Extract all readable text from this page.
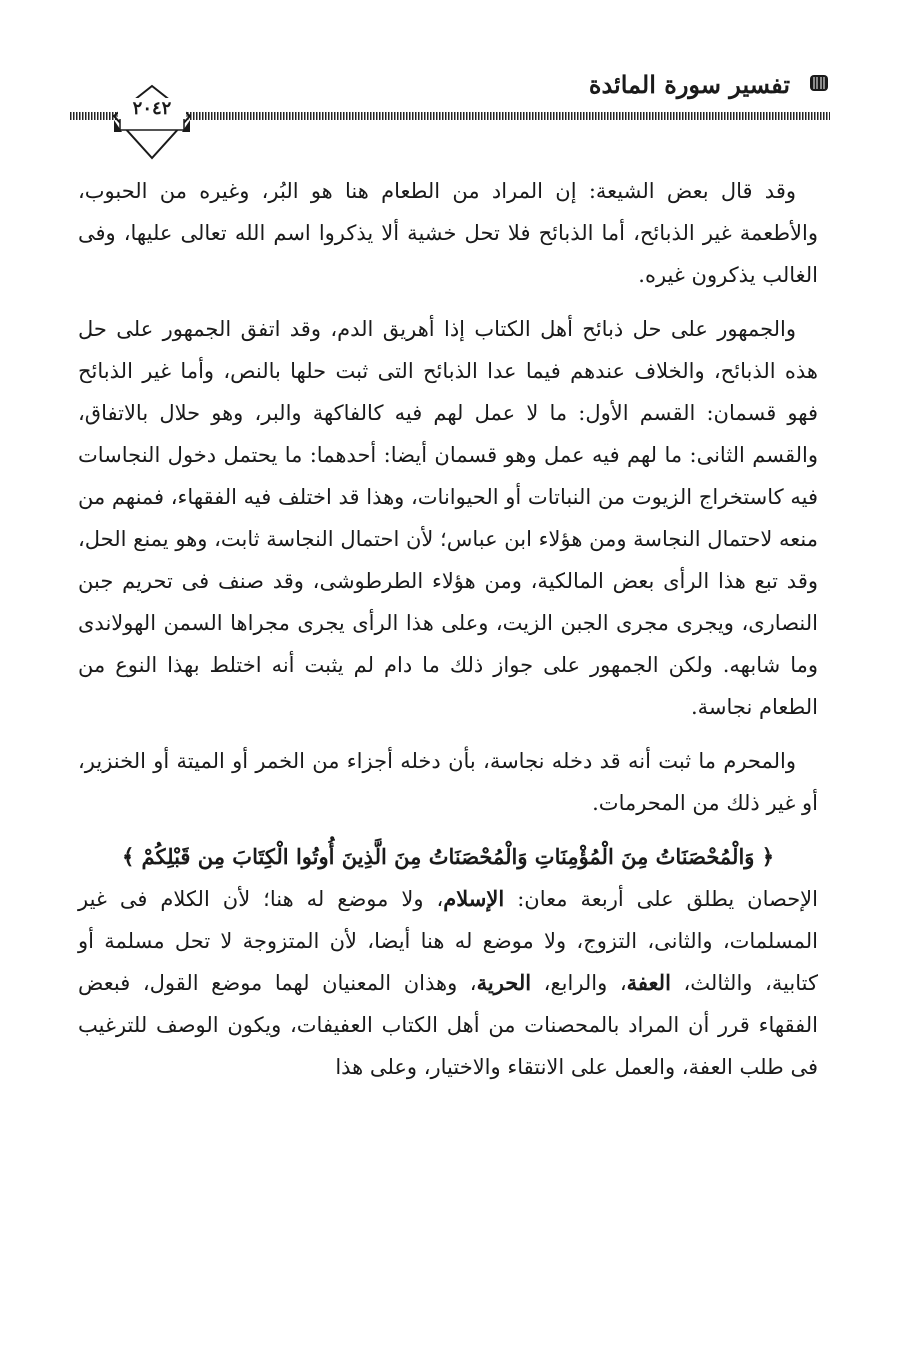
تفسير سورة المائدة
٢٠٤٢

وقد قال بعض الشيعة: إن المراد من الطعام هنا هو البُر، وغيره من الحبوب، والأطعمة غير الذبائح، أما الذبائح فلا تحل خشية ألا يذكروا اسم الله تعالى عليها، وفى الغالب يذكرون غيره.

والجمهور على حل ذبائح أهل الكتاب إذا أهريق الدم، وقد اتفق الجمهور على حل هذه الذبائح، والخلاف عندهم فيما عدا الذبائح التى ثبت حلها بالنص، وأما غير الذبائح فهو قسمان: القسم الأول: ما لا عمل لهم فيه كالفاكهة والبر، وهو حلال بالاتفاق، والقسم الثانى: ما لهم فيه عمل وهو قسمان أيضا: أحدهما: ما يحتمل دخول النجاسات فيه كاستخراج الزيوت من النباتات أو الحيوانات، وهذا قد اختلف فيه الفقهاء، فمنهم من منعه لاحتمال النجاسة ومن هؤلاء ابن عباس؛ لأن احتمال النجاسة ثابت، وهو يمنع الحل، وقد تبع هذا الرأى بعض المالكية، ومن هؤلاء الطرطوشى، وقد صنف فى تحريم جبن النصارى، ويجرى مجرى الجبن الزيت، وعلى هذا الرأى يجرى مجراها السمن الهولاندى وما شابهه. ولكن الجمهور على جواز ذلك ما دام لم يثبت أنه اختلط بهذا النوع من الطعام نجاسة.

والمحرم ما ثبت أنه قد دخله نجاسة، بأن دخله أجزاء من الخمر أو الميتة أو الخنزير، أو غير ذلك من المحرمات.

﴿ وَالْمُحْصَنَاتُ مِنَ الْمُؤْمِنَاتِ وَالْمُحْصَنَاتُ مِنَ الَّذِينَ أُوتُوا الْكِتَابَ مِن قَبْلِكُمْ ﴾

الإحصان يطلق على أربعة معان: الإسلام، ولا موضع له هنا؛ لأن الكلام فى غير المسلمات، والثانى، التزوج، ولا موضع له هنا أيضا، لأن المتزوجة لا تحل مسلمة أو كتابية، والثالث، العفة، والرابع، الحرية، وهذان المعنيان لهما موضع القول، فبعض الفقهاء قرر أن المراد بالمحصنات من أهل الكتاب العفيفات، ويكون الوصف للترغيب فى طلب العفة، والعمل على الانتقاء والاختيار، وعلى هذا
